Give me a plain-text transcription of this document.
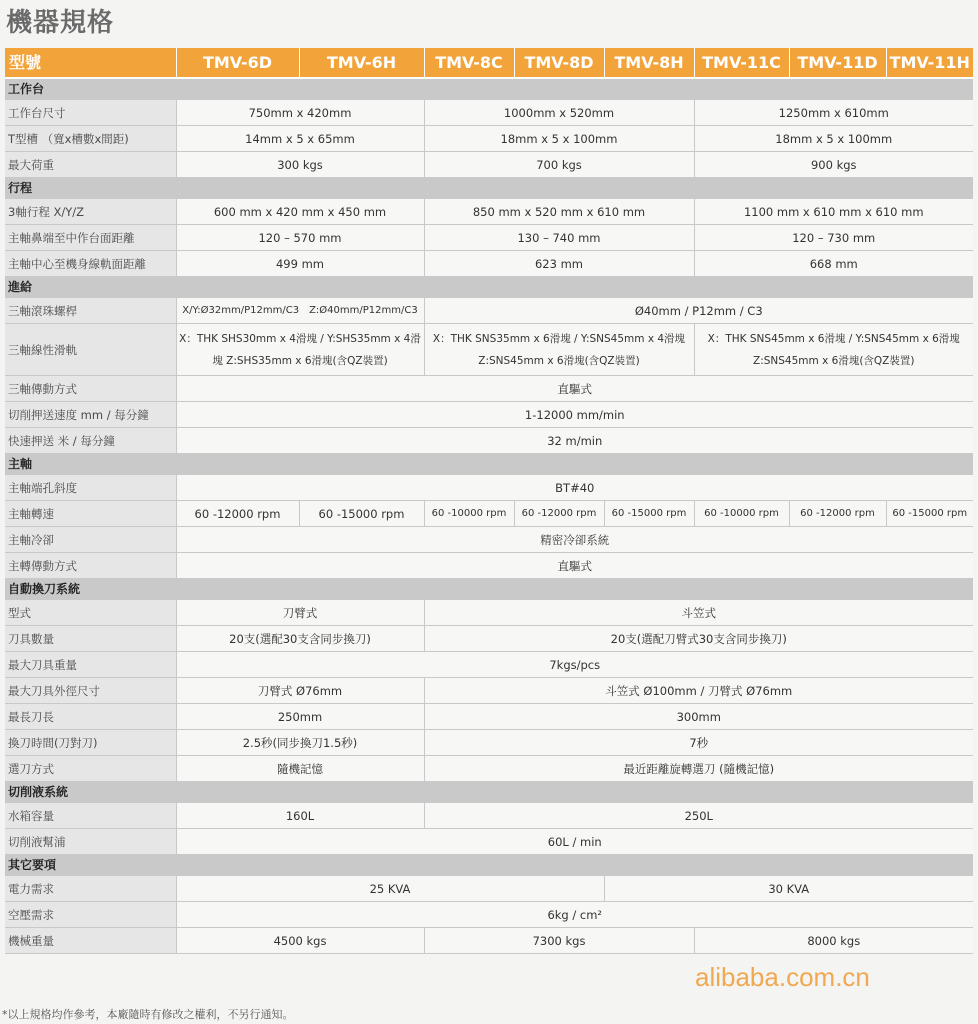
機器規格
型號	TMV-6D	TMV-6H	TMV-8C	TMV-8D	TMV-8H	TMV-11C	TMV-11D	TMV-11H
工作台								
工作台尺寸	750mm x 420mm		1000mm x 520mm			1250mm x 610mm		
T型槽 （寬x槽數x間距)	14mm x 5 x 65mm		18mm x 5 x 100mm			18mm x 5 x 100mm		
最大荷重	300 kgs		700 kgs			900 kgs		
行程								
3軸行程 X/Y/Z	600 mm x 420 mm x 450 mm		850 mm x 520 mm x 610 mm			1100 mm x 610 mm x 610 mm		
主軸鼻端至中作台面距離	120 – 570 mm		130 – 740 mm			120 – 730 mm		
主軸中心至機身線軌面距離	499 mm		623 mm			668 mm		
進給								
三軸滾珠螺桿	X/Y:Ø32mm/P12mm/C3　Z:Ø40mm/P12mm/C3		Ø40mm / P12mm / C3					
三軸線性滑軌	X：THK SHS30mm x 4滑塊 / Y:SHS35mm x 4滑塊 Z:SHS35mm x 6滑塊(含QZ裝置)		X：THK SNS35mm x 6滑塊 / Y:SNS45mm x 4滑塊 Z:SNS45mm x 6滑塊(含QZ裝置)			X：THK SNS45mm x 6滑塊 / Y:SNS45mm x 6滑塊 Z:SNS45mm x 6滑塊(含QZ裝置)		
三軸傳動方式	直驅式							
切削押送速度 mm / 每分鐘	1-12000 mm/min							
快速押送 米 / 每分鐘	32 m/min							
主軸								
主軸端孔斜度	BT#40							
主軸轉速	60 -12000 rpm	60 -15000 rpm	60 -10000 rpm	60 -12000 rpm	60 -15000 rpm	60 -10000 rpm	60 -12000 rpm	60 -15000 rpm
主軸冷卻	精密冷卻系統							
主轉傳動方式	直驅式							
自動換刀系統								
型式	刀臂式		斗笠式					
刀具數量	20支(選配30支含同步換刀)		20支(選配刀臂式30支含同步換刀)					
最大刀具重量	7kgs/pcs							
最大刀具外徑尺寸	刀臂式 Ø76mm		斗笠式 Ø100mm / 刀臂式 Ø76mm					
最長刀長	250mm		300mm					
換刀時間(刀對刀)	2.5秒(同步換刀1.5秒)		7秒					
選刀方式	隨機記憶		最近距離旋轉選刀 (隨機記憶)					
切削液系統								
水箱容量	160L		250L					
切削液幫浦	60L / min							
其它要項								
電力需求	25 KVA				30 KVA			
空壓需求	6kg / cm²							
機械重量	4500 kgs		7300 kgs			8000 kgs		
alibaba.com.cn
*以上規格均作參考，本廠隨時有修改之權利，不另行通知。
